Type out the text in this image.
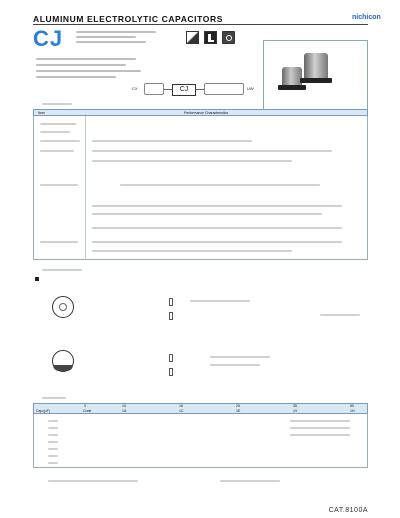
ALUMINUM ELECTROLYTIC CAPACITORS	nichicon
CJ
CX	CJ	UW
Item	Performance Characteristics
V
Cap.(µF)	Code
10	16	25	35	50
1A	1C	1E	1V	1H
CAT.8100A
